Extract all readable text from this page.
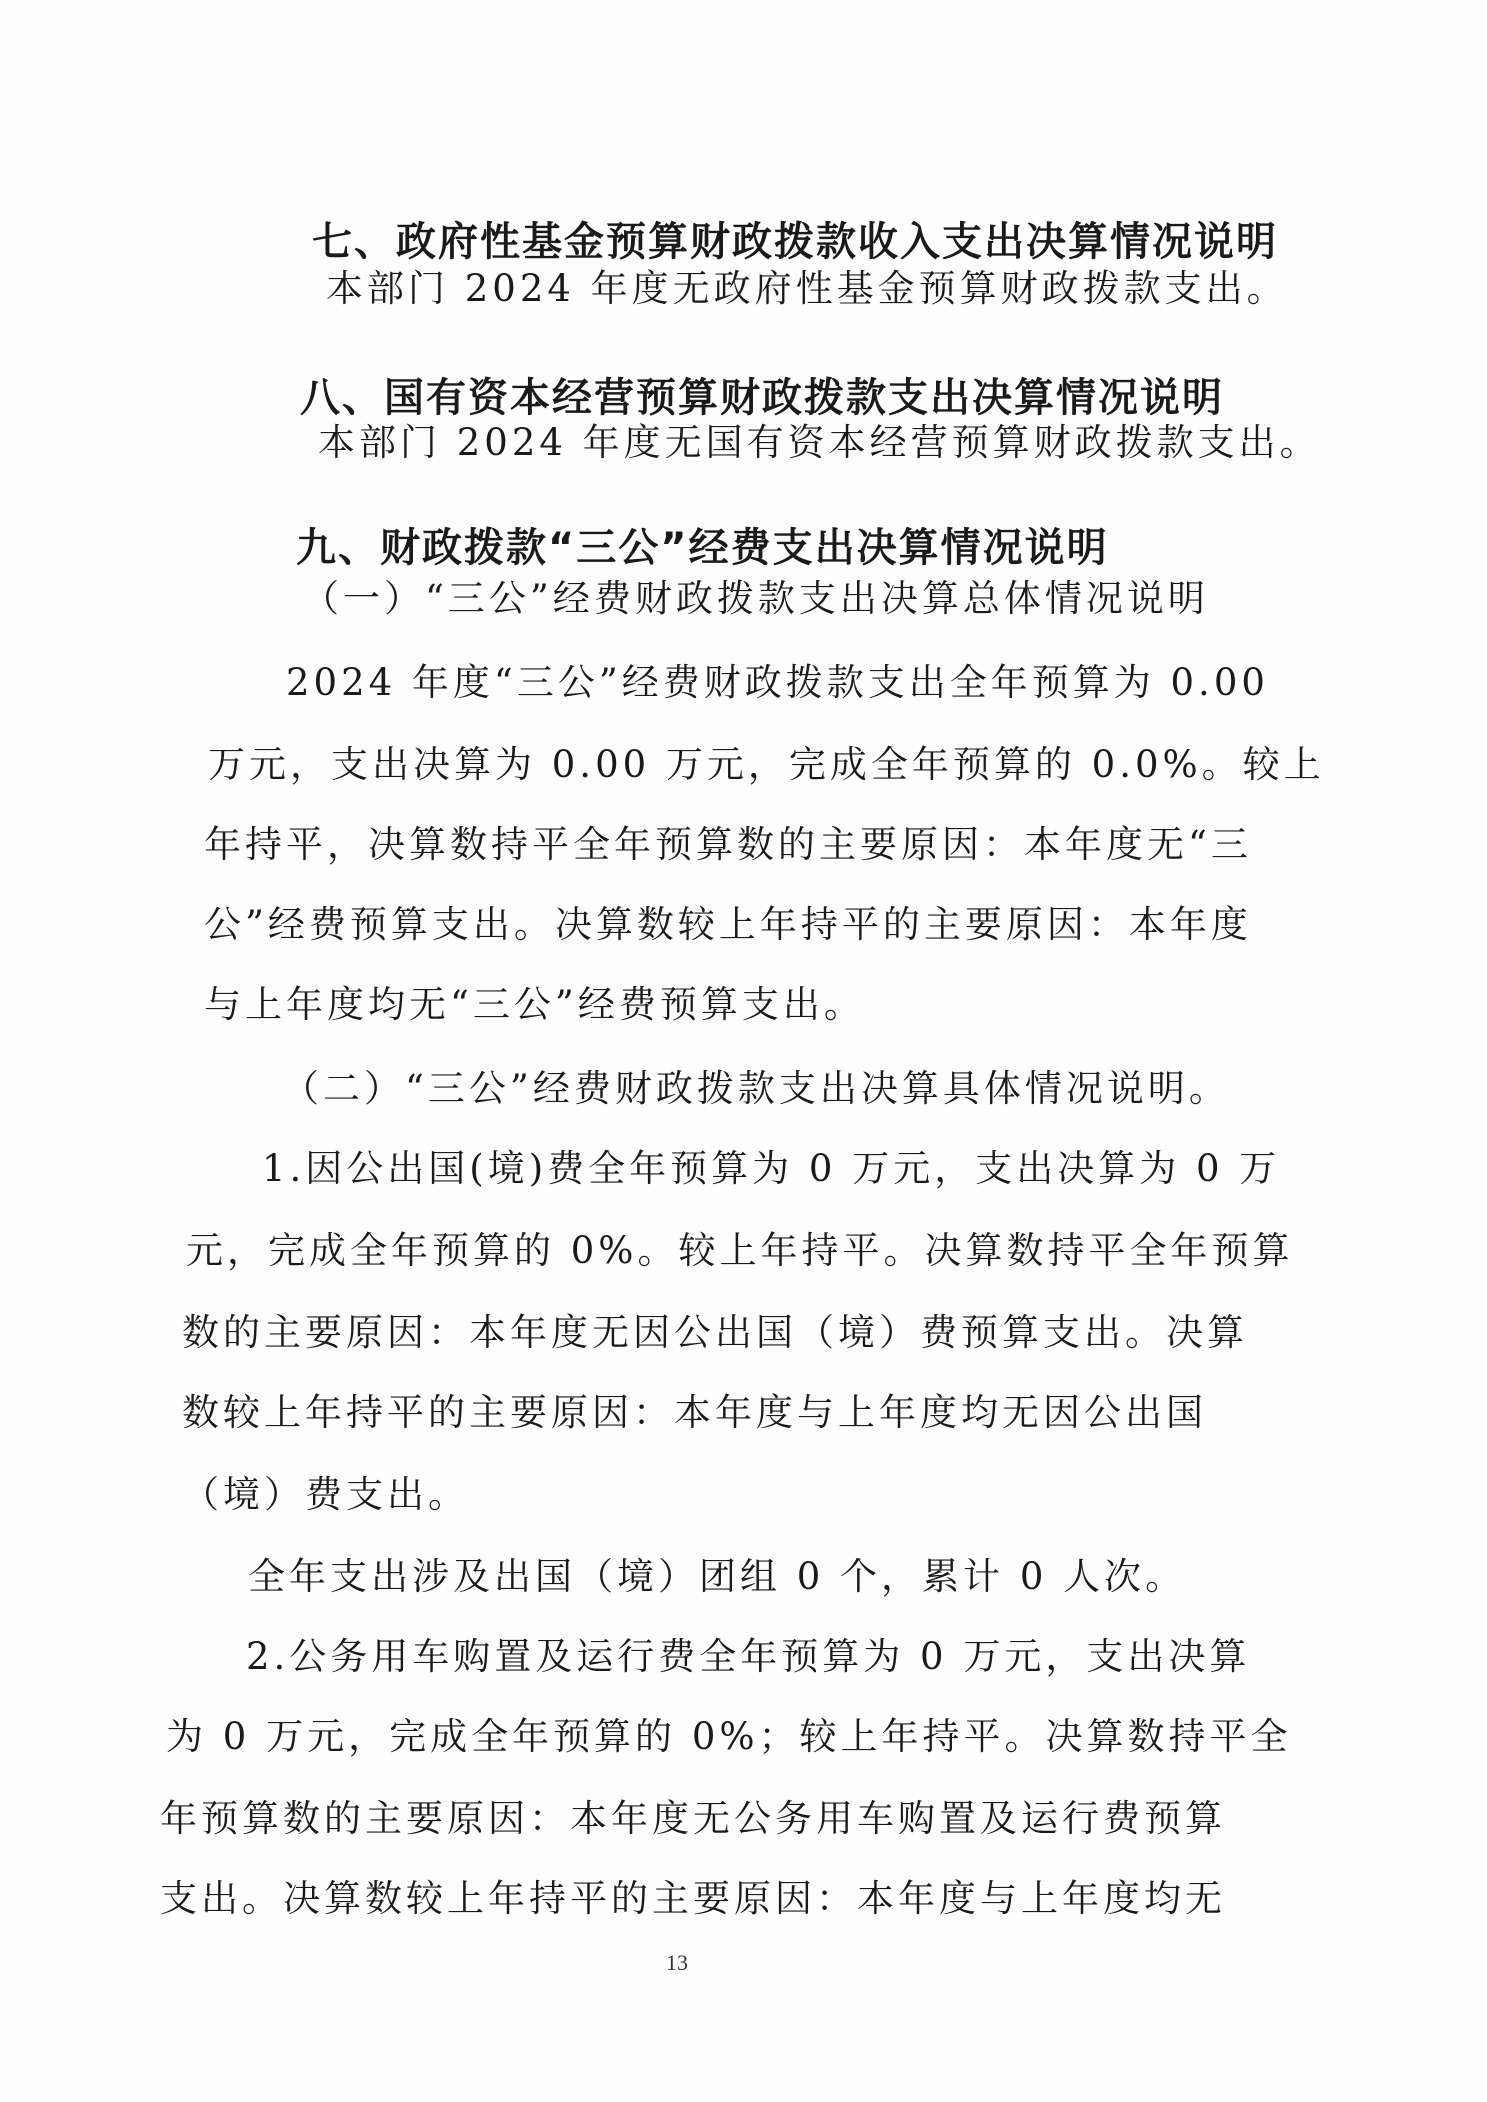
七、政府性基金预算财政拨款收入支出决算情况说明
本部门 2024 年度无政府性基金预算财政拨款支出。
八、国有资本经营预算财政拨款支出决算情况说明
本部门 2024 年度无国有资本经营预算财政拨款支出。
九、财政拨款“三公”经费支出决算情况说明
（一）“三公”经费财政拨款支出决算总体情况说明
2024 年度“三公”经费财政拨款支出全年预算为 0.00
万元，支出决算为 0.00 万元，完成全年预算的 0.0%。较上
年持平，决算数持平全年预算数的主要原因：本年度无“三
公”经费预算支出。决算数较上年持平的主要原因：本年度
与上年度均无“三公”经费预算支出。
（二）“三公”经费财政拨款支出决算具体情况说明。
1.因公出国(境)费全年预算为 0 万元，支出决算为 0 万
元，完成全年预算的 0%。较上年持平。决算数持平全年预算
数的主要原因：本年度无因公出国（境）费预算支出。决算
数较上年持平的主要原因：本年度与上年度均无因公出国
（境）费支出。
全年支出涉及出国（境）团组 0 个，累计 0 人次。
2.公务用车购置及运行费全年预算为 0 万元，支出决算
为 0 万元，完成全年预算的 0%；较上年持平。决算数持平全
年预算数的主要原因：本年度无公务用车购置及运行费预算
支出。决算数较上年持平的主要原因：本年度与上年度均无
13
